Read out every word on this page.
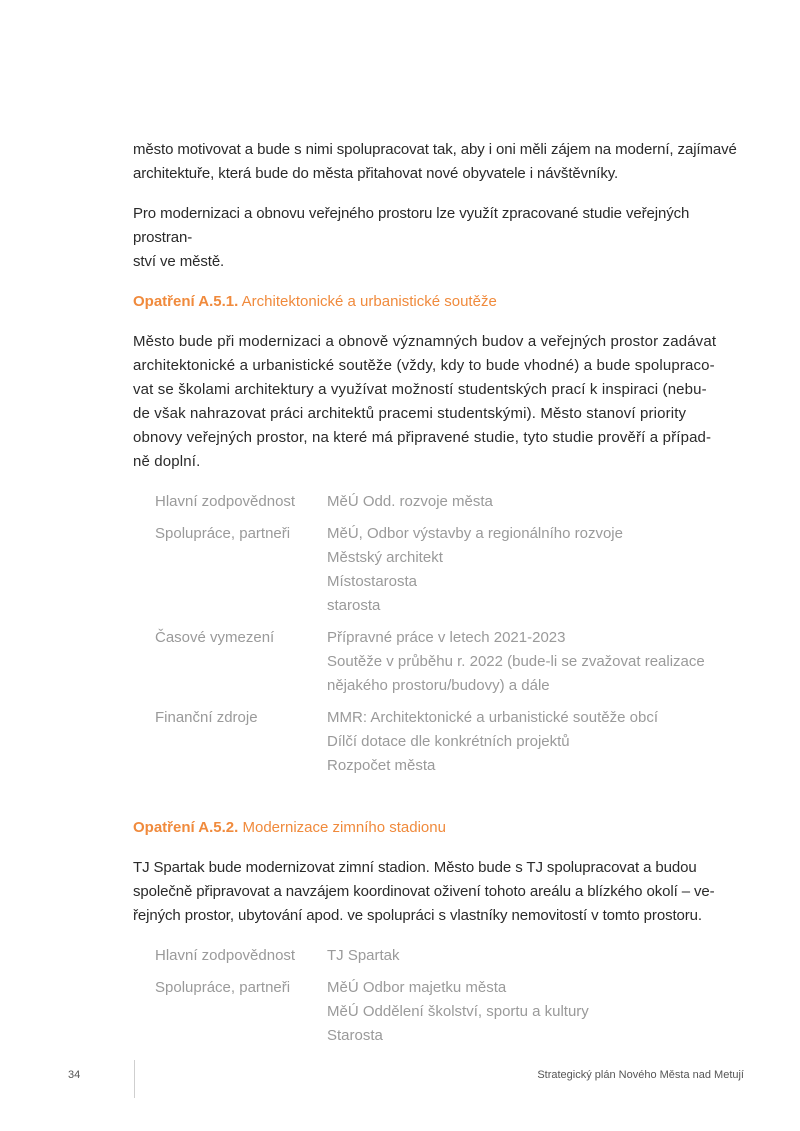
město motivovat a bude s nimi spolupracovat tak, aby i oni měli zájem na moderní, zajímavé
architektuře, která bude do města přitahovat nové obyvatele i návštěvníky.

Pro modernizaci a obnovu veřejného prostoru lze využít zpracované studie veřejných prostran-
ství ve městě.

Opatření A.5.1. Architektonické a urbanistické soutěže

Město bude při modernizaci a obnově významných budov a veřejných prostor zadávat
architektonické a urbanistické soutěže (vždy, kdy to bude vhodné) a bude spolupraco-
vat se školami architektury a využívat možností studentských prací k inspiraci (nebu-
de však nahrazovat práci architektů pracemi studentskými). Město stanoví priority
obnovy veřejných prostor, na které má připravené studie, tyto studie prověří a případ-
ně doplní.

Hlavní zodpovědnost	MěÚ Odd. rozvoje města
Spolupráce, partneři	MěÚ, Odbor výstavby a regionálního rozvoje
Městský architekt
Místostarosta
starosta
Časové vymezení	Přípravné práce v letech 2021-2023
Soutěže v průběhu r. 2022 (bude-li se zvažovat realizace
nějakého prostoru/budovy) a dále
Finanční zdroje	MMR: Architektonické a urbanistické soutěže obcí
Dílčí dotace dle konkrétních projektů
Rozpočet města
Opatření A.5.2. Modernizace zimního stadionu

TJ Spartak bude modernizovat zimní stadion. Město bude s TJ spolupracovat a budou
společně připravovat a navzájem koordinovat oživení tohoto areálu a blízkého okolí – ve-
řejných prostor, ubytování apod. ve spolupráci s vlastníky nemovitostí v tomto prostoru.

Hlavní zodpovědnost	TJ Spartak
Spolupráce, partneři	MěÚ Odbor majetku města
MěÚ Oddělení školství, sportu a kultury
Starosta
34	Strategický plán Nového Města nad Metují
